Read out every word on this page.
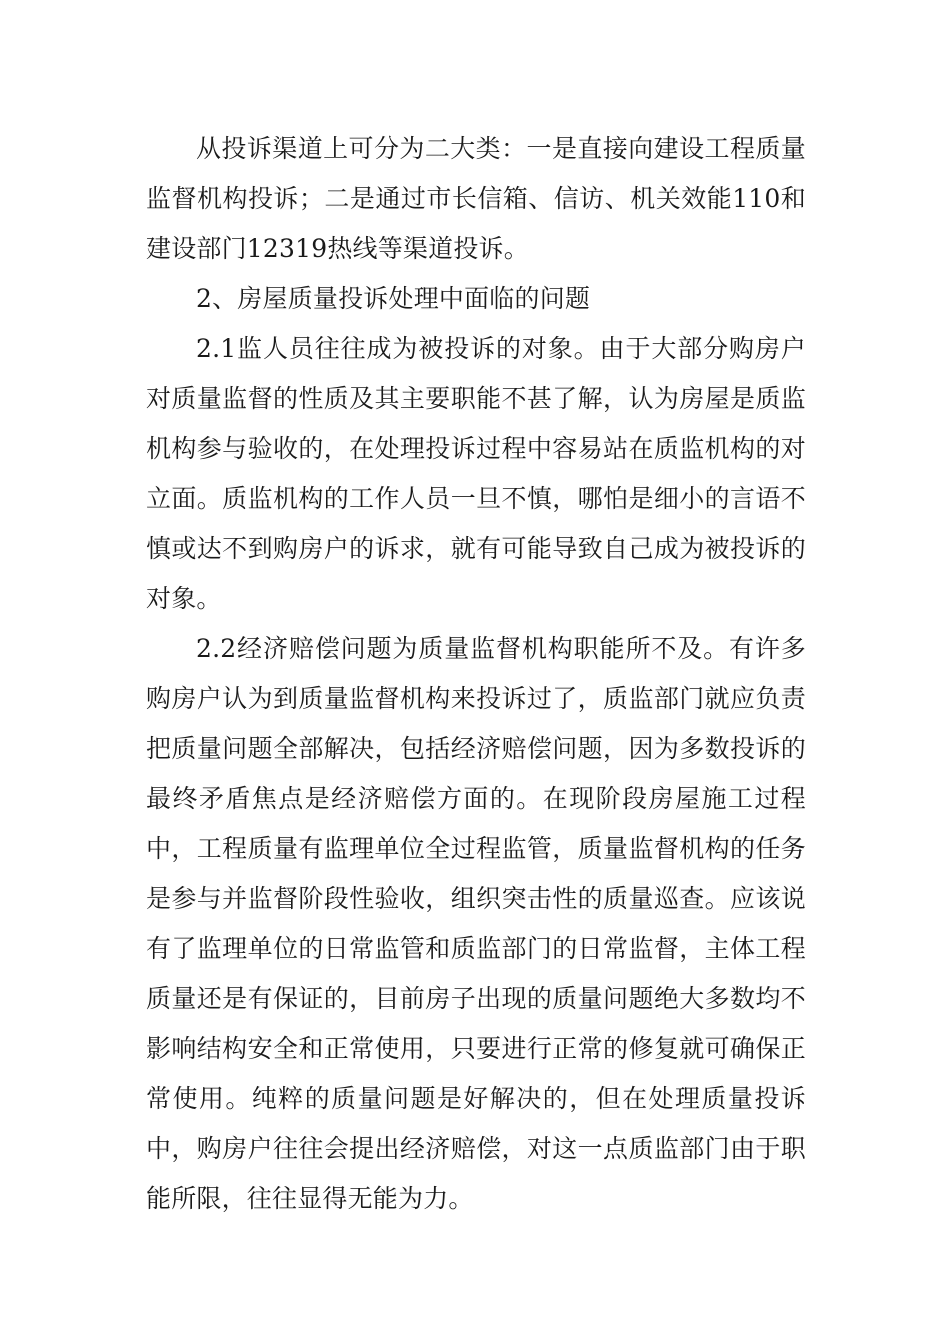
从投诉渠道上可分为二大类：一是直接向建设工程质量监督机构投诉；二是通过市长信箱、信访、机关效能110和建设部门12319热线等渠道投诉。

2、房屋质量投诉处理中面临的问题

2.1监人员往往成为被投诉的对象。由于大部分购房户对质量监督的性质及其主要职能不甚了解，认为房屋是质监机构参与验收的，在处理投诉过程中容易站在质监机构的对立面。质监机构的工作人员一旦不慎，哪怕是细小的言语不慎或达不到购房户的诉求，就有可能导致自己成为被投诉的对象。

2.2经济赔偿问题为质量监督机构职能所不及。有许多购房户认为到质量监督机构来投诉过了，质监部门就应负责把质量问题全部解决，包括经济赔偿问题，因为多数投诉的最终矛盾焦点是经济赔偿方面的。在现阶段房屋施工过程中，工程质量有监理单位全过程监管，质量监督机构的任务是参与并监督阶段性验收，组织突击性的质量巡查。应该说有了监理单位的日常监管和质监部门的日常监督，主体工程质量还是有保证的，目前房子出现的质量问题绝大多数均不影响结构安全和正常使用，只要进行正常的修复就可确保正常使用。纯粹的质量问题是好解决的，但在处理质量投诉中，购房户往往会提出经济赔偿，对这一点质监部门由于职能所限，往往显得无能为力。
